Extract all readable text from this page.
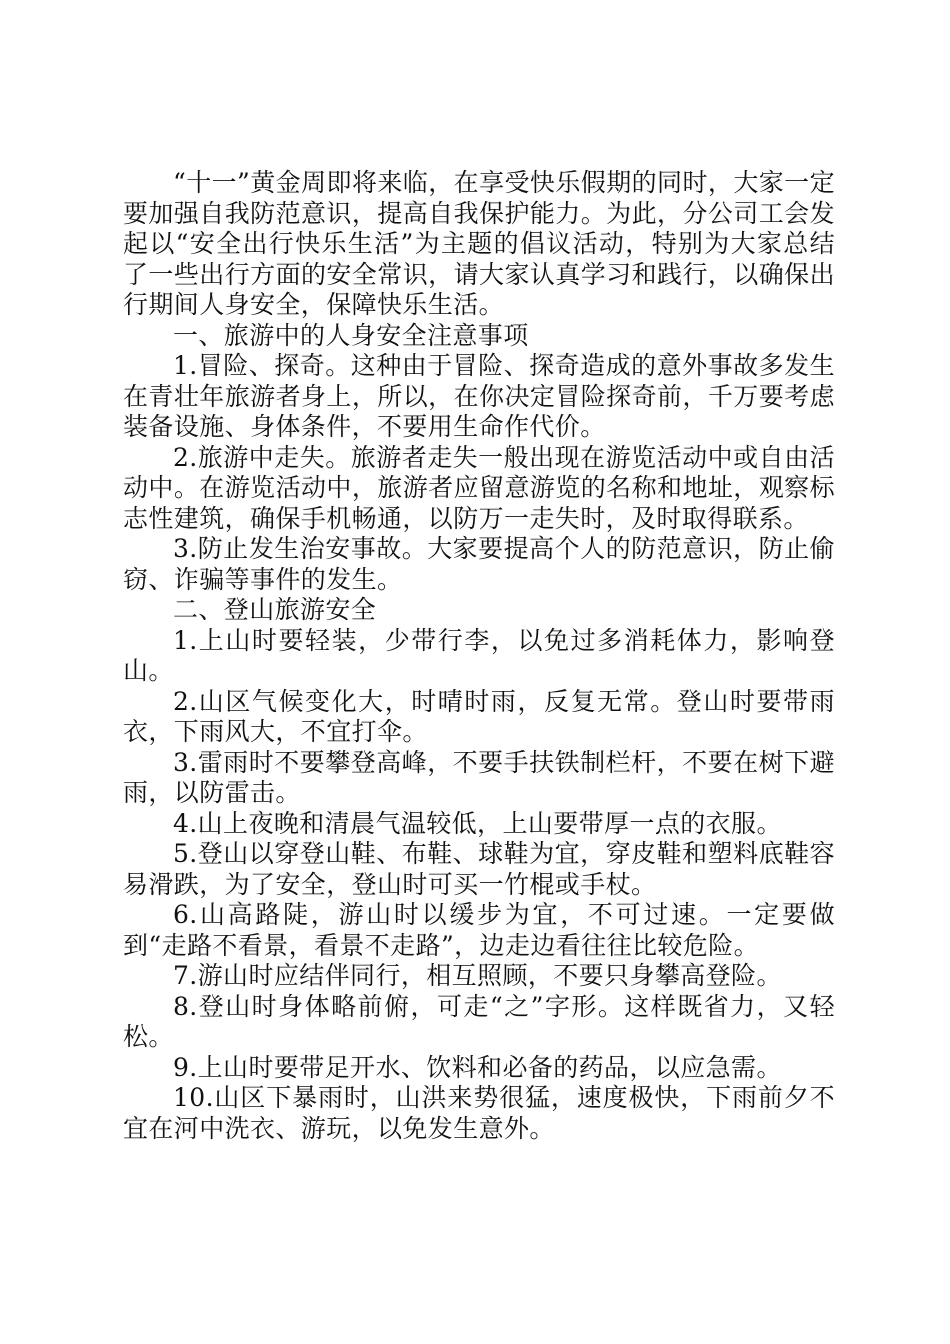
“十一”黄金周即将来临，在享受快乐假期的同时，大家一定要加强自我防范意识，提高自我保护能力。为此，分公司工会发起以“安全出行快乐生活”为主题的倡议活动，特别为大家总结了一些出行方面的安全常识，请大家认真学习和践行，以确保出行期间人身安全，保障快乐生活。

一、旅游中的人身安全注意事项

1.冒险、探奇。这种由于冒险、探奇造成的意外事故多发生在青壮年旅游者身上，所以，在你决定冒险探奇前，千万要考虑装备设施、身体条件，不要用生命作代价。

2.旅游中走失。旅游者走失一般出现在游览活动中或自由活动中。在游览活动中，旅游者应留意游览的名称和地址，观察标志性建筑，确保手机畅通，以防万一走失时，及时取得联系。

3.防止发生治安事故。大家要提高个人的防范意识，防止偷窃、诈骗等事件的发生。

二、登山旅游安全

1.上山时要轻装，少带行李，以免过多消耗体力，影响登山。

2.山区气候变化大，时晴时雨，反复无常。登山时要带雨衣，下雨风大，不宜打伞。

3.雷雨时不要攀登高峰，不要手扶铁制栏杆，不要在树下避雨，以防雷击。

4.山上夜晚和清晨气温较低，上山要带厚一点的衣服。

5.登山以穿登山鞋、布鞋、球鞋为宜，穿皮鞋和塑料底鞋容易滑跌，为了安全，登山时可买一竹棍或手杖。

6.山高路陡，游山时以缓步为宜，不可过速。一定要做到“走路不看景，看景不走路”，边走边看往往比较危险。

7.游山时应结伴同行，相互照顾，不要只身攀高登险。

8.登山时身体略前俯，可走“之”字形。这样既省力，又轻松。

9.上山时要带足开水、饮料和必备的药品，以应急需。

10.山区下暴雨时，山洪来势很猛，速度极快，下雨前夕不宜在河中洗衣、游玩，以免发生意外。
